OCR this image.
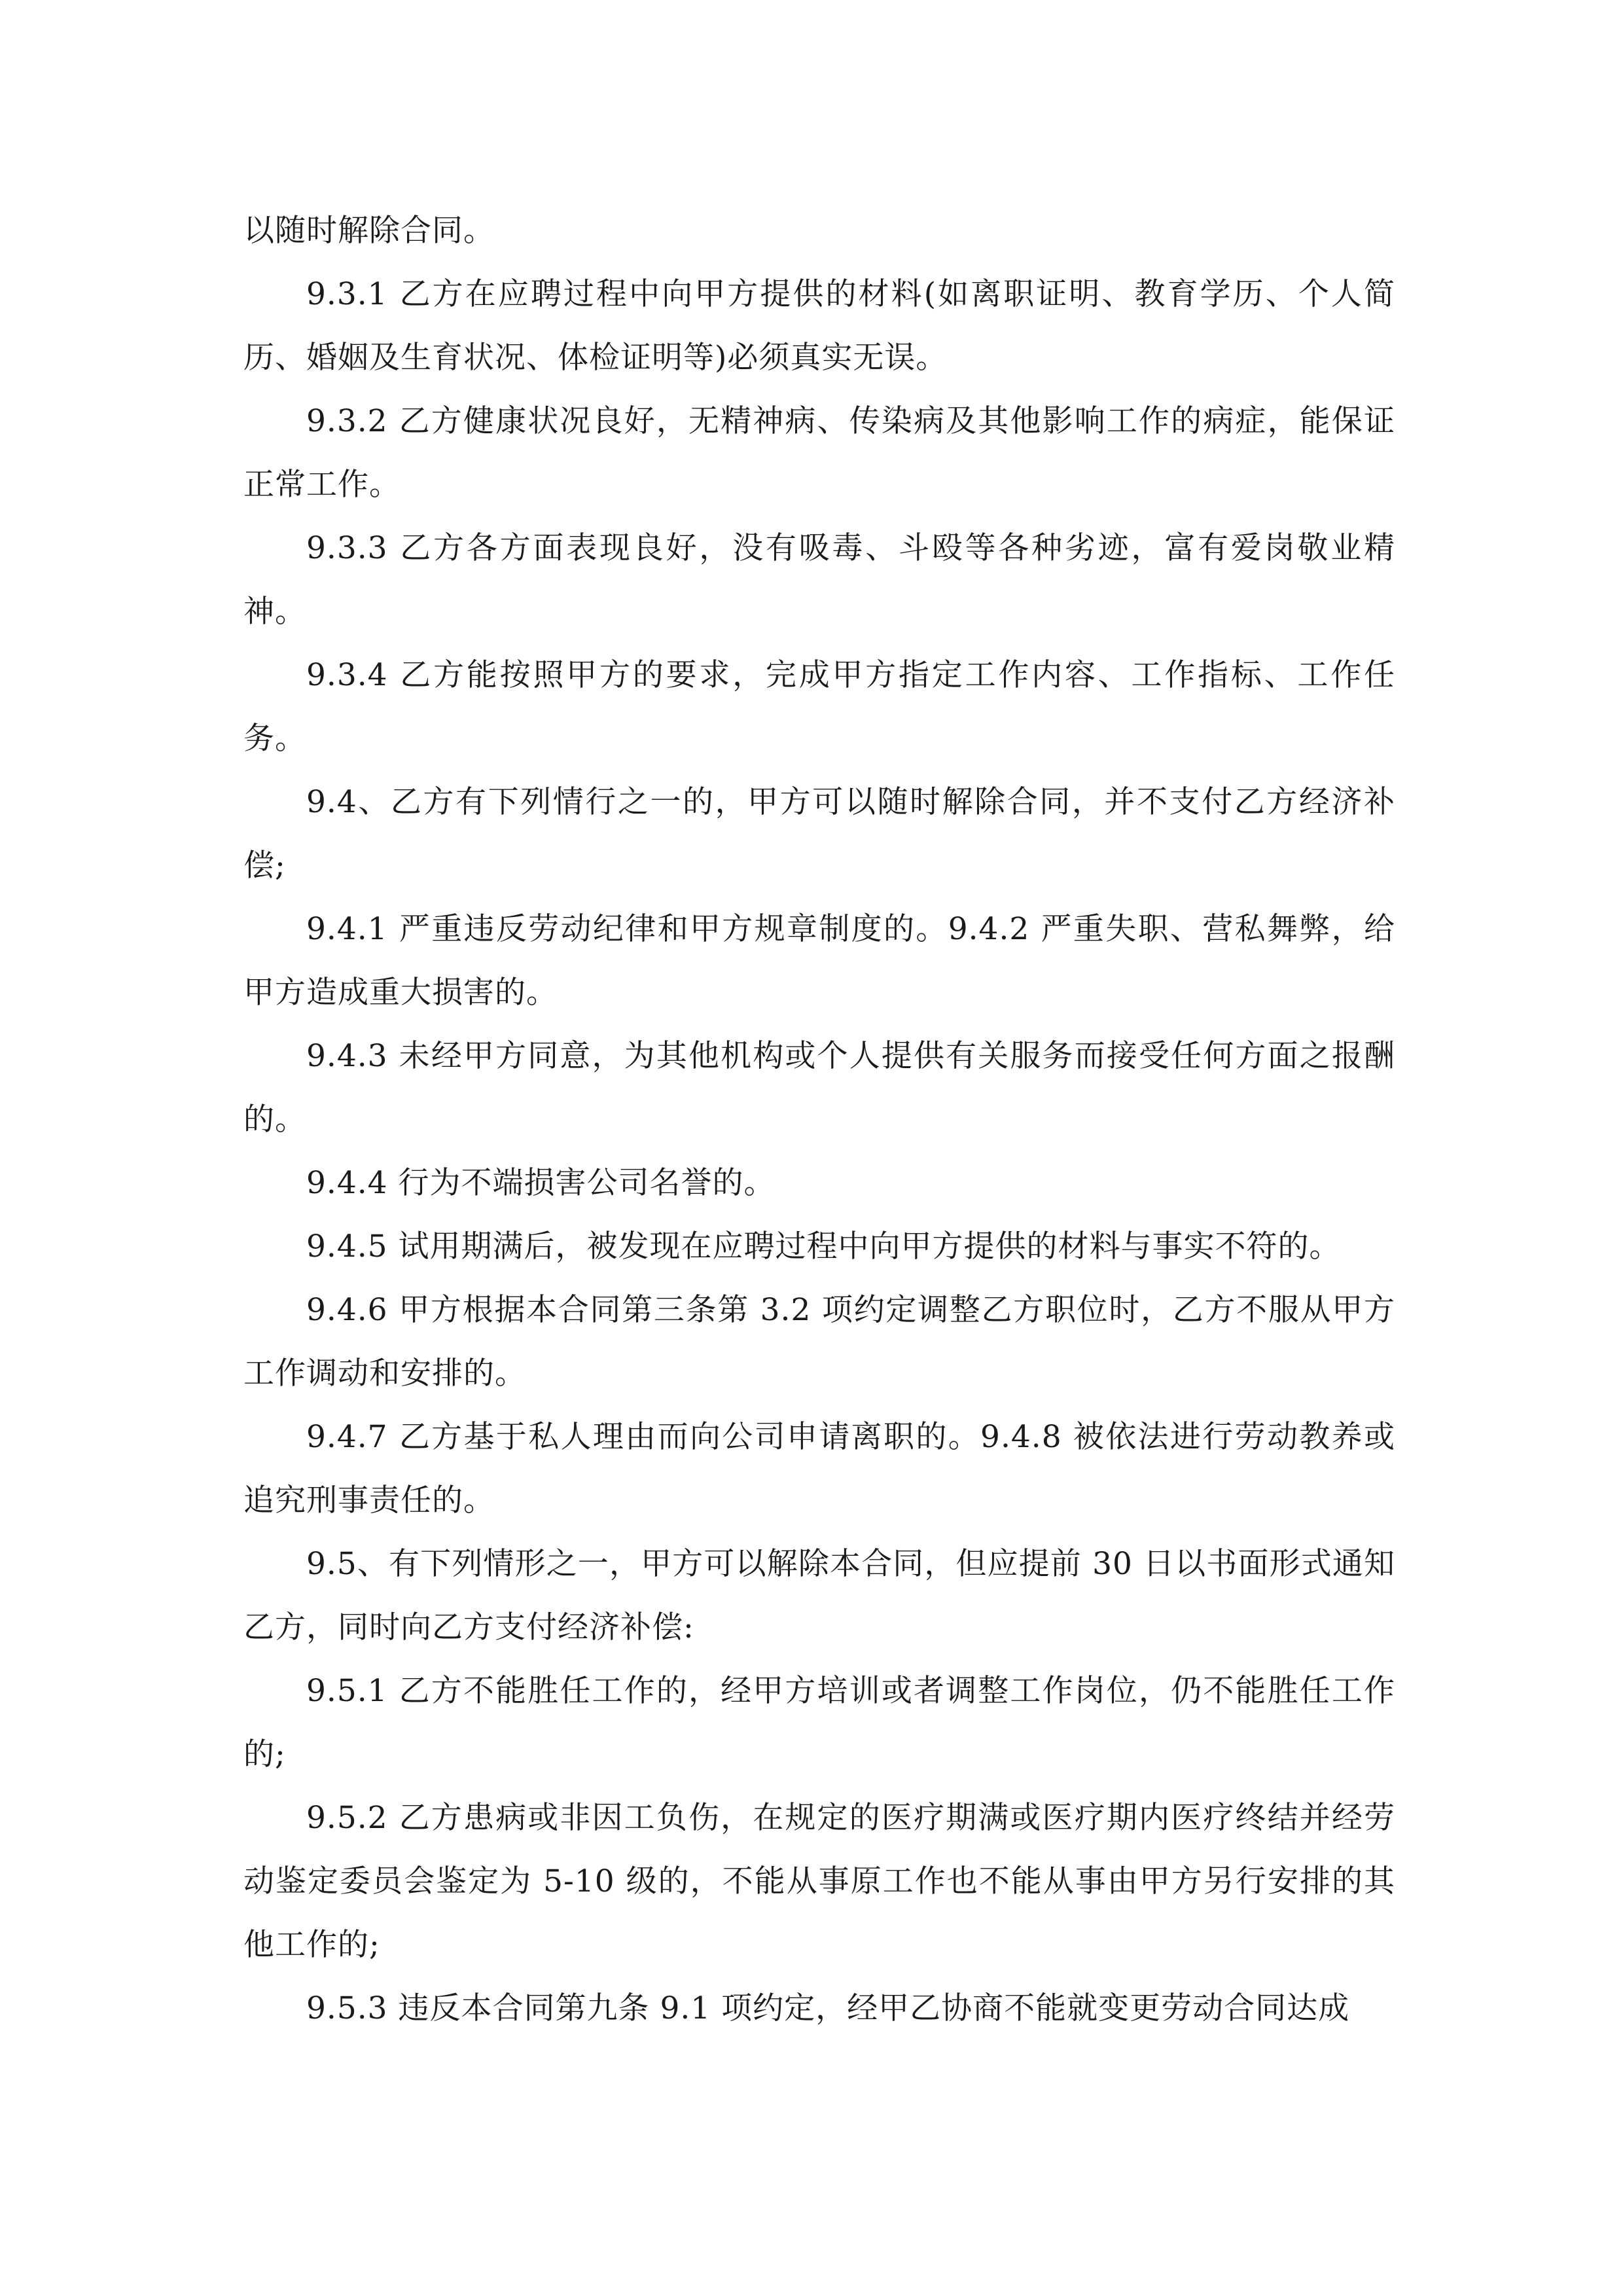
以随时解除合同。

9.3.1 乙方在应聘过程中向甲方提供的材料(如离职证明、教育学历、个人简历、婚姻及生育状况、体检证明等)必须真实无误。

9.3.2 乙方健康状况良好，无精神病、传染病及其他影响工作的病症，能保证正常工作。

9.3.3 乙方各方面表现良好，没有吸毒、斗殴等各种劣迹，富有爱岗敬业精神。

9.3.4 乙方能按照甲方的要求，完成甲方指定工作内容、工作指标、工作任务。

9.4、乙方有下列情行之一的，甲方可以随时解除合同，并不支付乙方经济补偿;

9.4.1 严重违反劳动纪律和甲方规章制度的。9.4.2 严重失职、营私舞弊，给甲方造成重大损害的。

9.4.3 未经甲方同意，为其他机构或个人提供有关服务而接受任何方面之报酬的。

9.4.4 行为不端损害公司名誉的。

9.4.5 试用期满后，被发现在应聘过程中向甲方提供的材料与事实不符的。

9.4.6 甲方根据本合同第三条第 3.2 项约定调整乙方职位时，乙方不服从甲方工作调动和安排的。

9.4.7 乙方基于私人理由而向公司申请离职的。9.4.8 被依法进行劳动教养或追究刑事责任的。

9.5、有下列情形之一，甲方可以解除本合同，但应提前 30 日以书面形式通知乙方，同时向乙方支付经济补偿:

9.5.1 乙方不能胜任工作的，经甲方培训或者调整工作岗位，仍不能胜任工作的;

9.5.2 乙方患病或非因工负伤，在规定的医疗期满或医疗期内医疗终结并经劳动鉴定委员会鉴定为 5-10 级的，不能从事原工作也不能从事由甲方另行安排的其他工作的;

9.5.3 违反本合同第九条 9.1 项约定，经甲乙协商不能就变更劳动合同达成
